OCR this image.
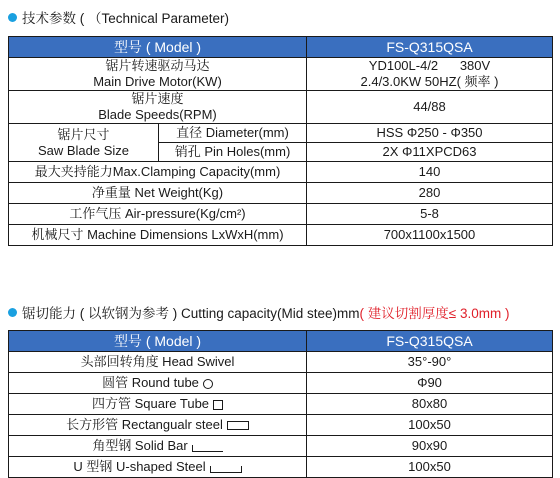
技术参数 ( （Technical Parameter)
型号 ( Model )		FS-Q315QSA

锯片转速驱动马达
Main Drive Motor(KW)		YD100L-4/2      380V
2.4/3.0KW 50HZ( 频率 )

锯片速度
Blade Speeds(RPM)		44/88

锯片尺寸
Saw Blade Size	直径 Diameter(mm)	HSS Φ250 - Φ350
	销孔 Pin Holes(mm)	2X Φ11XPCD63
最大夹持能力Max.Clamping Capacity(mm)		140
净重量 Net Weight(Kg)		280
工作气压 Air-pressure(Kg/cm²)		5-8
机械尺寸 Machine Dimensions LxWxH(mm)		700x1100x1500
锯切能力 ( 以软钢为参考 ) Cutting capacity(Mid stee)mm ( 建议切割厚度≤ 3.0mm )
型号 ( Model )	FS-Q315QSA
头部回转角度 Head Swivel	35°-90°
圆管 Round tube	Φ90
四方管 Square Tube	80x80
长方形管 Rectangualr steel	100x50
角型钢 Solid Bar	90x90
U 型钢 U-shaped Steel	100x50
